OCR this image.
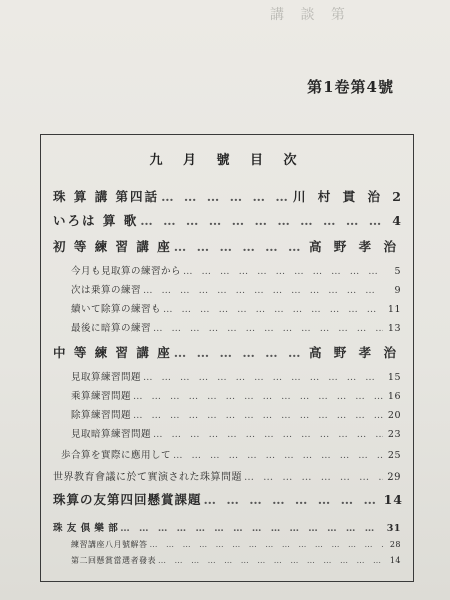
講 談 第
第1卷第4號
九 月 號 目 次
珠 算 講 第四話 … … … … … … … … … … … … … … … … … … … … … … … … … … … …	川 村 貫 治 2
いろは 算 歌 … … … … … … … … … … … … … … … … … … … … … … … … … … … …	4
初 等 練 習 講 座 … … … … … … … … … … … … … … … … … … … … … … … … … … … …	高 野 孝 治
今月も見取算の練習から … … … … … … … … … … … … … … … … … … … … … … … … … … … …	5
次は乗算の練習 … … … … … … … … … … … … … … … … … … … … … … … … … … … …	9
續いて除算の練習も … … … … … … … … … … … … … … … … … … … … … … … … … … … …	11
最後に暗算の練習 … … … … … … … … … … … … … … … … … … … … … … … … … … … …	13
中 等 練 習 講 座 … … … … … … … … … … … … … … … … … … … … … … … … … … … …	高 野 孝 治
見取算練習問題 … … … … … … … … … … … … … … … … … … … … … … … … … … … …	15
乘算練習問題 … … … … … … … … … … … … … … … … … … … … … … … … … … … …	16
除算練習問題 … … … … … … … … … … … … … … … … … … … … … … … … … … … …	20
見取暗算練習問題 … … … … … … … … … … … … … … … … … … … … … … … … … … … …	23
歩合算を實際に應用して … … … … … … … … … … … … … … … … … … … … … … … … … … … …	25
世界教育會議に於て實演された珠算問題 … … … … … … … … … … … … … … … … … … … … … … … … … … … …	29
珠算の友第四回懸賞課題 … … … … … … … … … … … … … … … … … … … … … … … … … … … …	14
珠 友 倶 樂 部 … … … … … … … … … … … … … … … … … … … … … … … … … … … …	31
練習講座八月號解答 … … … … … … … … … … … … … … … … … … … … … … … … … … … …	28
第二回懸賞當選者發表 … … … … … … … … … … … … … … … … … … … … … … … … … … … …	14
